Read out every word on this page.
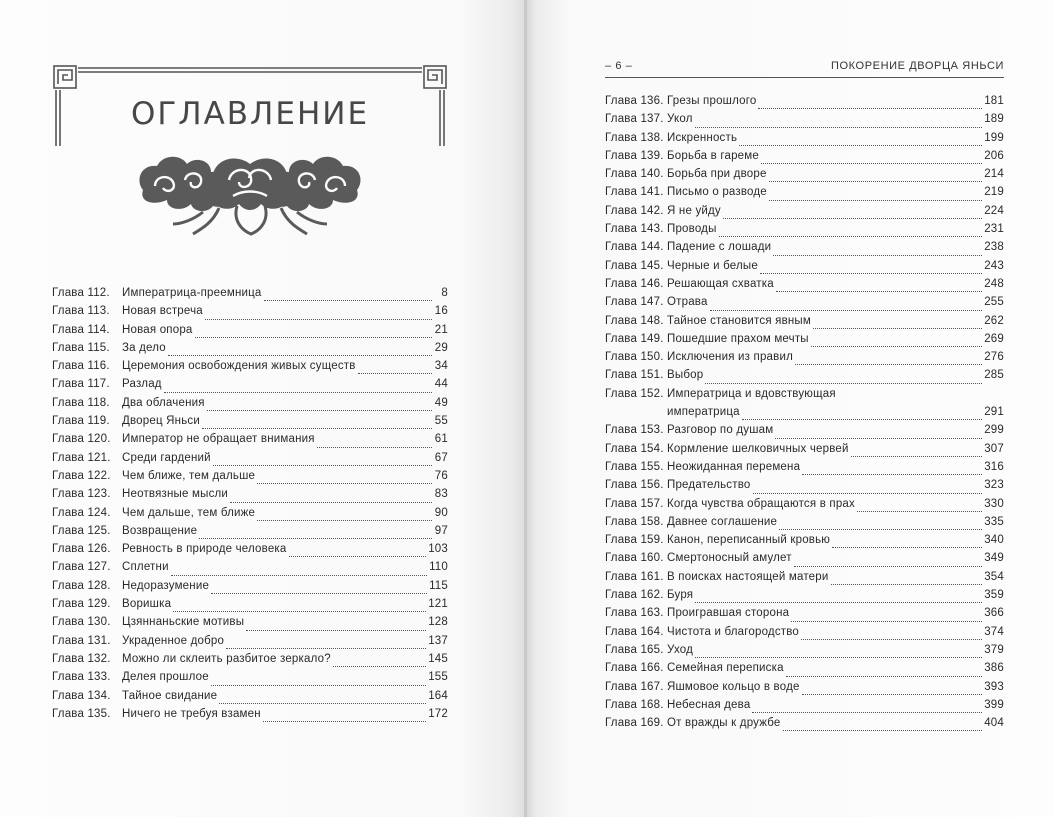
ОГЛАВЛЕНИЕ
Глава 112.	Императрица-преемница	8
Глава 113.	Новая встреча	16
Глава 114.	Новая опора	21
Глава 115.	За дело	29
Глава 116.	Церемония освобождения живых существ	34
Глава 117.	Разлад	44
Глава 118.	Два облачения	49
Глава 119.	Дворец Яньси	55
Глава 120. Император не обращает внимания	61
Глава 121. Среди гардений	67
Глава 122. Чем ближе, тем дальше	76
Глава 123. Неотвязные мысли	83
Глава 124. Чем дальше, тем ближе	90
Глава 125. Возвращение	97
Глава 126. Ревность в природе человека	103
Глава 127. Сплетни	110
Глава 128. Недоразумение	115
Глава 129. Воришка	121
Глава 130. Цзяннаньские мотивы	128
Глава 131. Украденное добро	137
Глава 132. Можно ли склеить разбитое зеркало?	145
Глава 133. Делея прошлое	155
Глава 134. Тайное свидание	164
Глава 135. Ничего не требуя взамен	172
– 6 –	ПОКОРЕНИЕ ДВОРЦА ЯНЬСИ
Глава 136. Грезы прошлого	181
Глава 137. Укол	189
Глава 138. Искренность	199
Глава 139. Борьба в гареме	206
Глава 140. Борьба при дворе	214
Глава 141. Письмо о разводе	219
Глава 142. Я не уйду	224
Глава 143. Проводы	231
Глава 144. Падение с лошади	238
Глава 145. Черные и белые	243
Глава 146. Решающая схватка	248
Глава 147. Отрава	255
Глава 148. Тайное становится явным	262
Глава 149. Пошедшие прахом мечты	269
Глава 150. Исключения из правил	276
Глава 151. Выбор	285
Глава 152. Императрица и вдовствующая
императрица	291
Глава 153. Разговор по душам	299
Глава 154. Кормление шелковичных червей	307
Глава 155. Неожиданная перемена	316
Глава 156. Предательство	323
Глава 157. Когда чувства обращаются в прах	330
Глава 158. Давнее соглашение	335
Глава 159. Канон, переписанный кровью	340
Глава 160. Смертоносный амулет	349
Глава 161. В поисках настоящей матери	354
Глава 162. Буря	359
Глава 163. Проигравшая сторона	366
Глава 164. Чистота и благородство	374
Глава 165. Уход	379
Глава 166. Семейная переписка	386
Глава 167. Яшмовое кольцо в воде	393
Глава 168. Небесная дева	399
Глава 169. От вражды к дружбе	404
